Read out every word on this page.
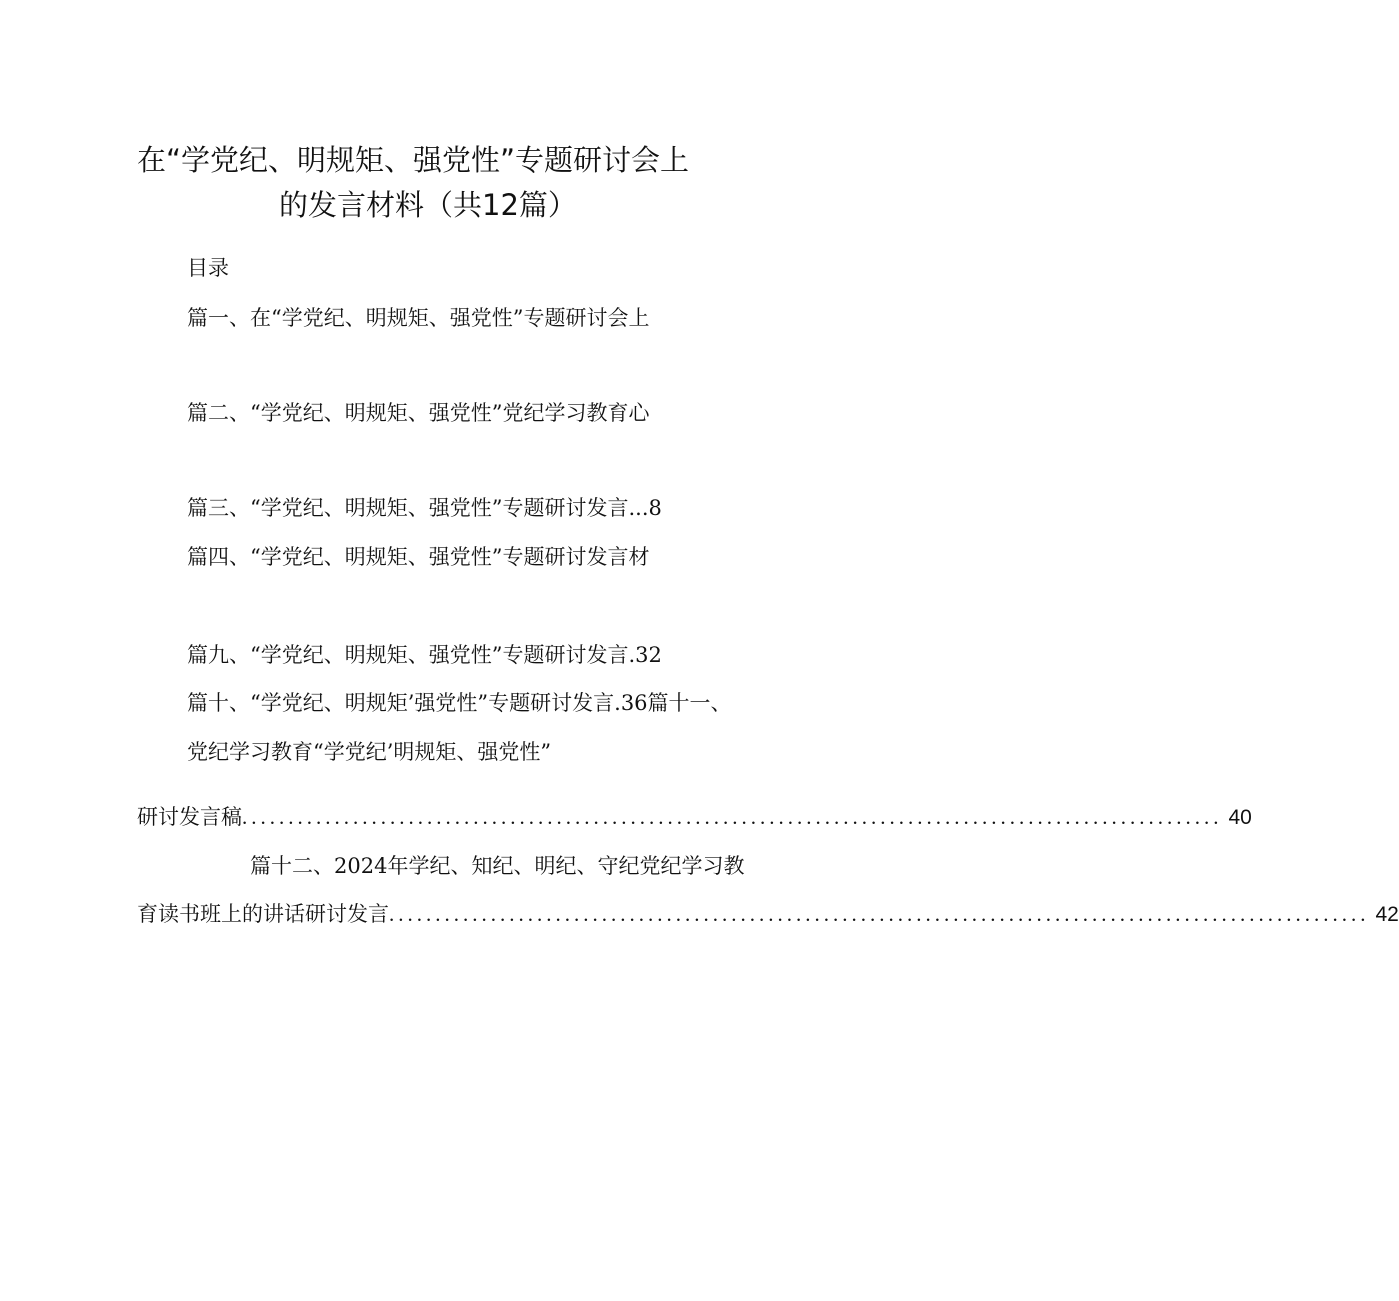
在“学党纪、明规矩、强党性”专题研讨会上
的发言材料（共12篇）
目录
篇一、在“学党纪、明规矩、强党性”专题研讨会上
篇二、“学党纪、明规矩、强党性”党纪学习教育心
篇三、“学党纪、明规矩、强党性”专题研讨发言...8
篇四、“学党纪、明规矩、强党性”专题研讨发言材
篇九、“学党纪、明规矩、强党性”专题研讨发言.32
篇十、“学党纪、明规矩’强党性”专题研讨发言.36篇十一、
党纪学习教育“学党纪’明规矩、强党性”
研讨发言稿 .......................................................................................................... 40
篇十二、2024年学纪、知纪、明纪、守纪党纪学习教
育读书班上的讲话研讨发言 .......................................................................................................... 42
